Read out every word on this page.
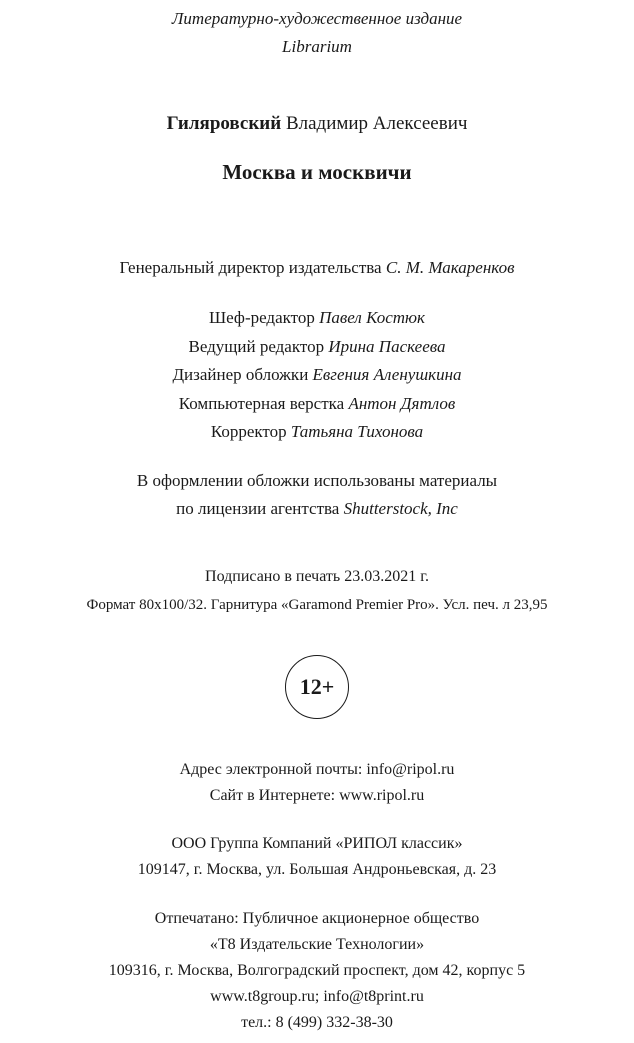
Литературно-художественное издание
Librarium
Гиляровский Владимир Алексеевич
Москва и москвичи
Генеральный директор издательства С. М. Макаренков
Шеф-редактор Павел Костюк
Ведущий редактор Ирина Паскеева
Дизайнер обложки Евгения Аленушкина
Компьютерная верстка Антон Дятлов
Корректор Татьяна Тихонова
В оформлении обложки использованы материалы
по лицензии агентства Shutterstock, Inc
Подписано в печать 23.03.2021 г.
Формат 80х100/32. Гарнитура «Garamond Premier Pro». Усл. печ. л 23,95
12+
Адрес электронной почты: info@ripol.ru
Сайт в Интернете: www.ripol.ru
ООО Группа Компаний «РИПОЛ классик»
109147, г. Москва, ул. Большая Андроньевская, д. 23
Отпечатано: Публичное акционерное общество
«Т8 Издательские Технологии»
109316, г. Москва, Волгоградский проспект, дом 42, корпус 5
www.t8group.ru; info@t8print.ru
тел.: 8 (499) 332-38-30
